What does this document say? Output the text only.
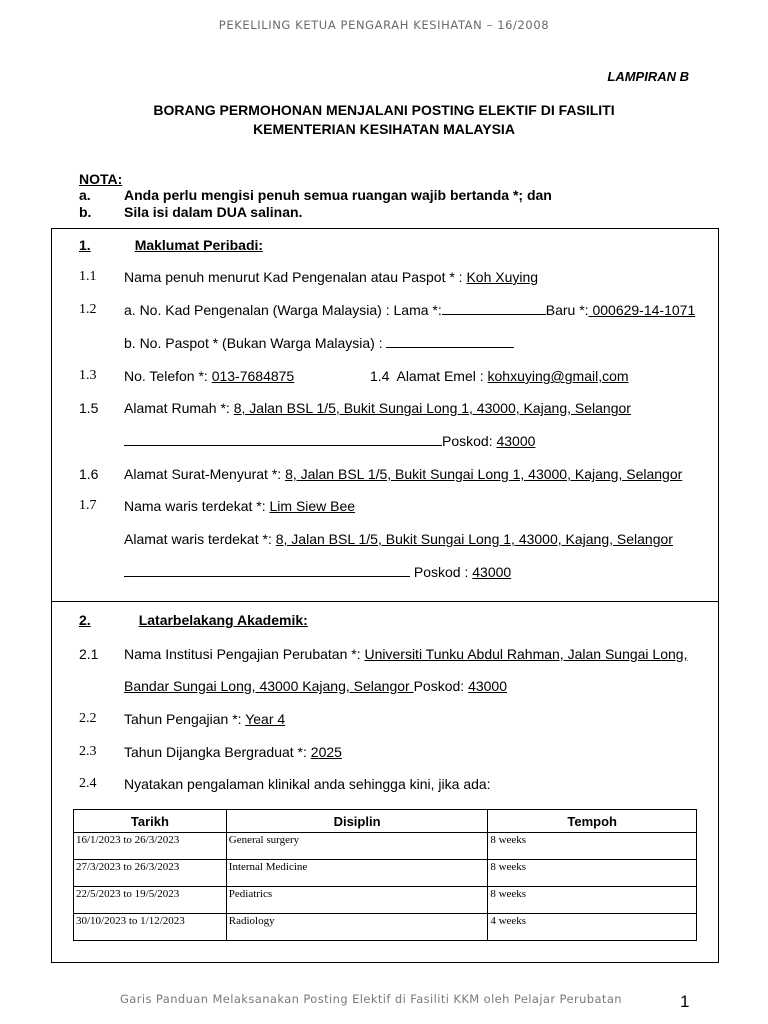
PEKELILING KETUA PENGARAH KESIHATAN – 16/2008
LAMPIRAN B
BORANG PERMOHONAN MENJALANI POSTING ELEKTIF DI FASILITI
KEMENTERIAN KESIHATAN MALAYSIA
NOTA:
a. Anda perlu mengisi penuh semua ruangan wajib bertanda *; dan
b. Sila isi dalam DUA salinan.
1.	Maklumat Peribadi:
1.1 Nama penuh menurut Kad Pengenalan atau Paspot * : Koh Xuying
1.2 a. No. Kad Pengenalan (Warga Malaysia) : Lama *:	Baru *: 000629-14-1071
b. No. Paspot * (Bukan Warga Malaysia) :
1.3 No. Telefon *: 013-7684875	1.4 Alamat Emel : kohxuying@gmail,com
1.5 Alamat Rumah *: 8, Jalan BSL 1/5, Bukit Sungai Long 1, 43000, Kajang, Selangor
Poskod: 43000
1.6 Alamat Surat-Menyurat *: 8, Jalan BSL 1/5, Bukit Sungai Long 1, 43000, Kajang, Selangor
1.7 Nama waris terdekat *: Lim Siew Bee
Alamat waris terdekat *: 8, Jalan BSL 1/5, Bukit Sungai Long 1, 43000, Kajang, Selangor
Poskod : 43000
2.	Latarbelakang Akademik:
2.1 Nama Institusi Pengajian Perubatan *: Universiti Tunku Abdul Rahman, Jalan Sungai Long,
Bandar Sungai Long, 43000 Kajang, Selangor Poskod: 43000
2.2 Tahun Pengajian *: Year 4
2.3 Tahun Dijangka Bergraduat *: 2025
2.4 Nyatakan pengalaman klinikal anda sehingga kini, jika ada:
Tarikh	Disiplin	Tempoh
16/1/2023 to 26/3/2023	General surgery	8 weeks
27/3/2023 to 26/3/2023	Internal Medicine	8 weeks
22/5/2023 to 19/5/2023	Pediatrics	8 weeks
30/10/2023 to 1/12/2023	Radiology	4 weeks
Garis Panduan Melaksanakan Posting Elektif di Fasiliti KKM oleh Pelajar Perubatan	1
